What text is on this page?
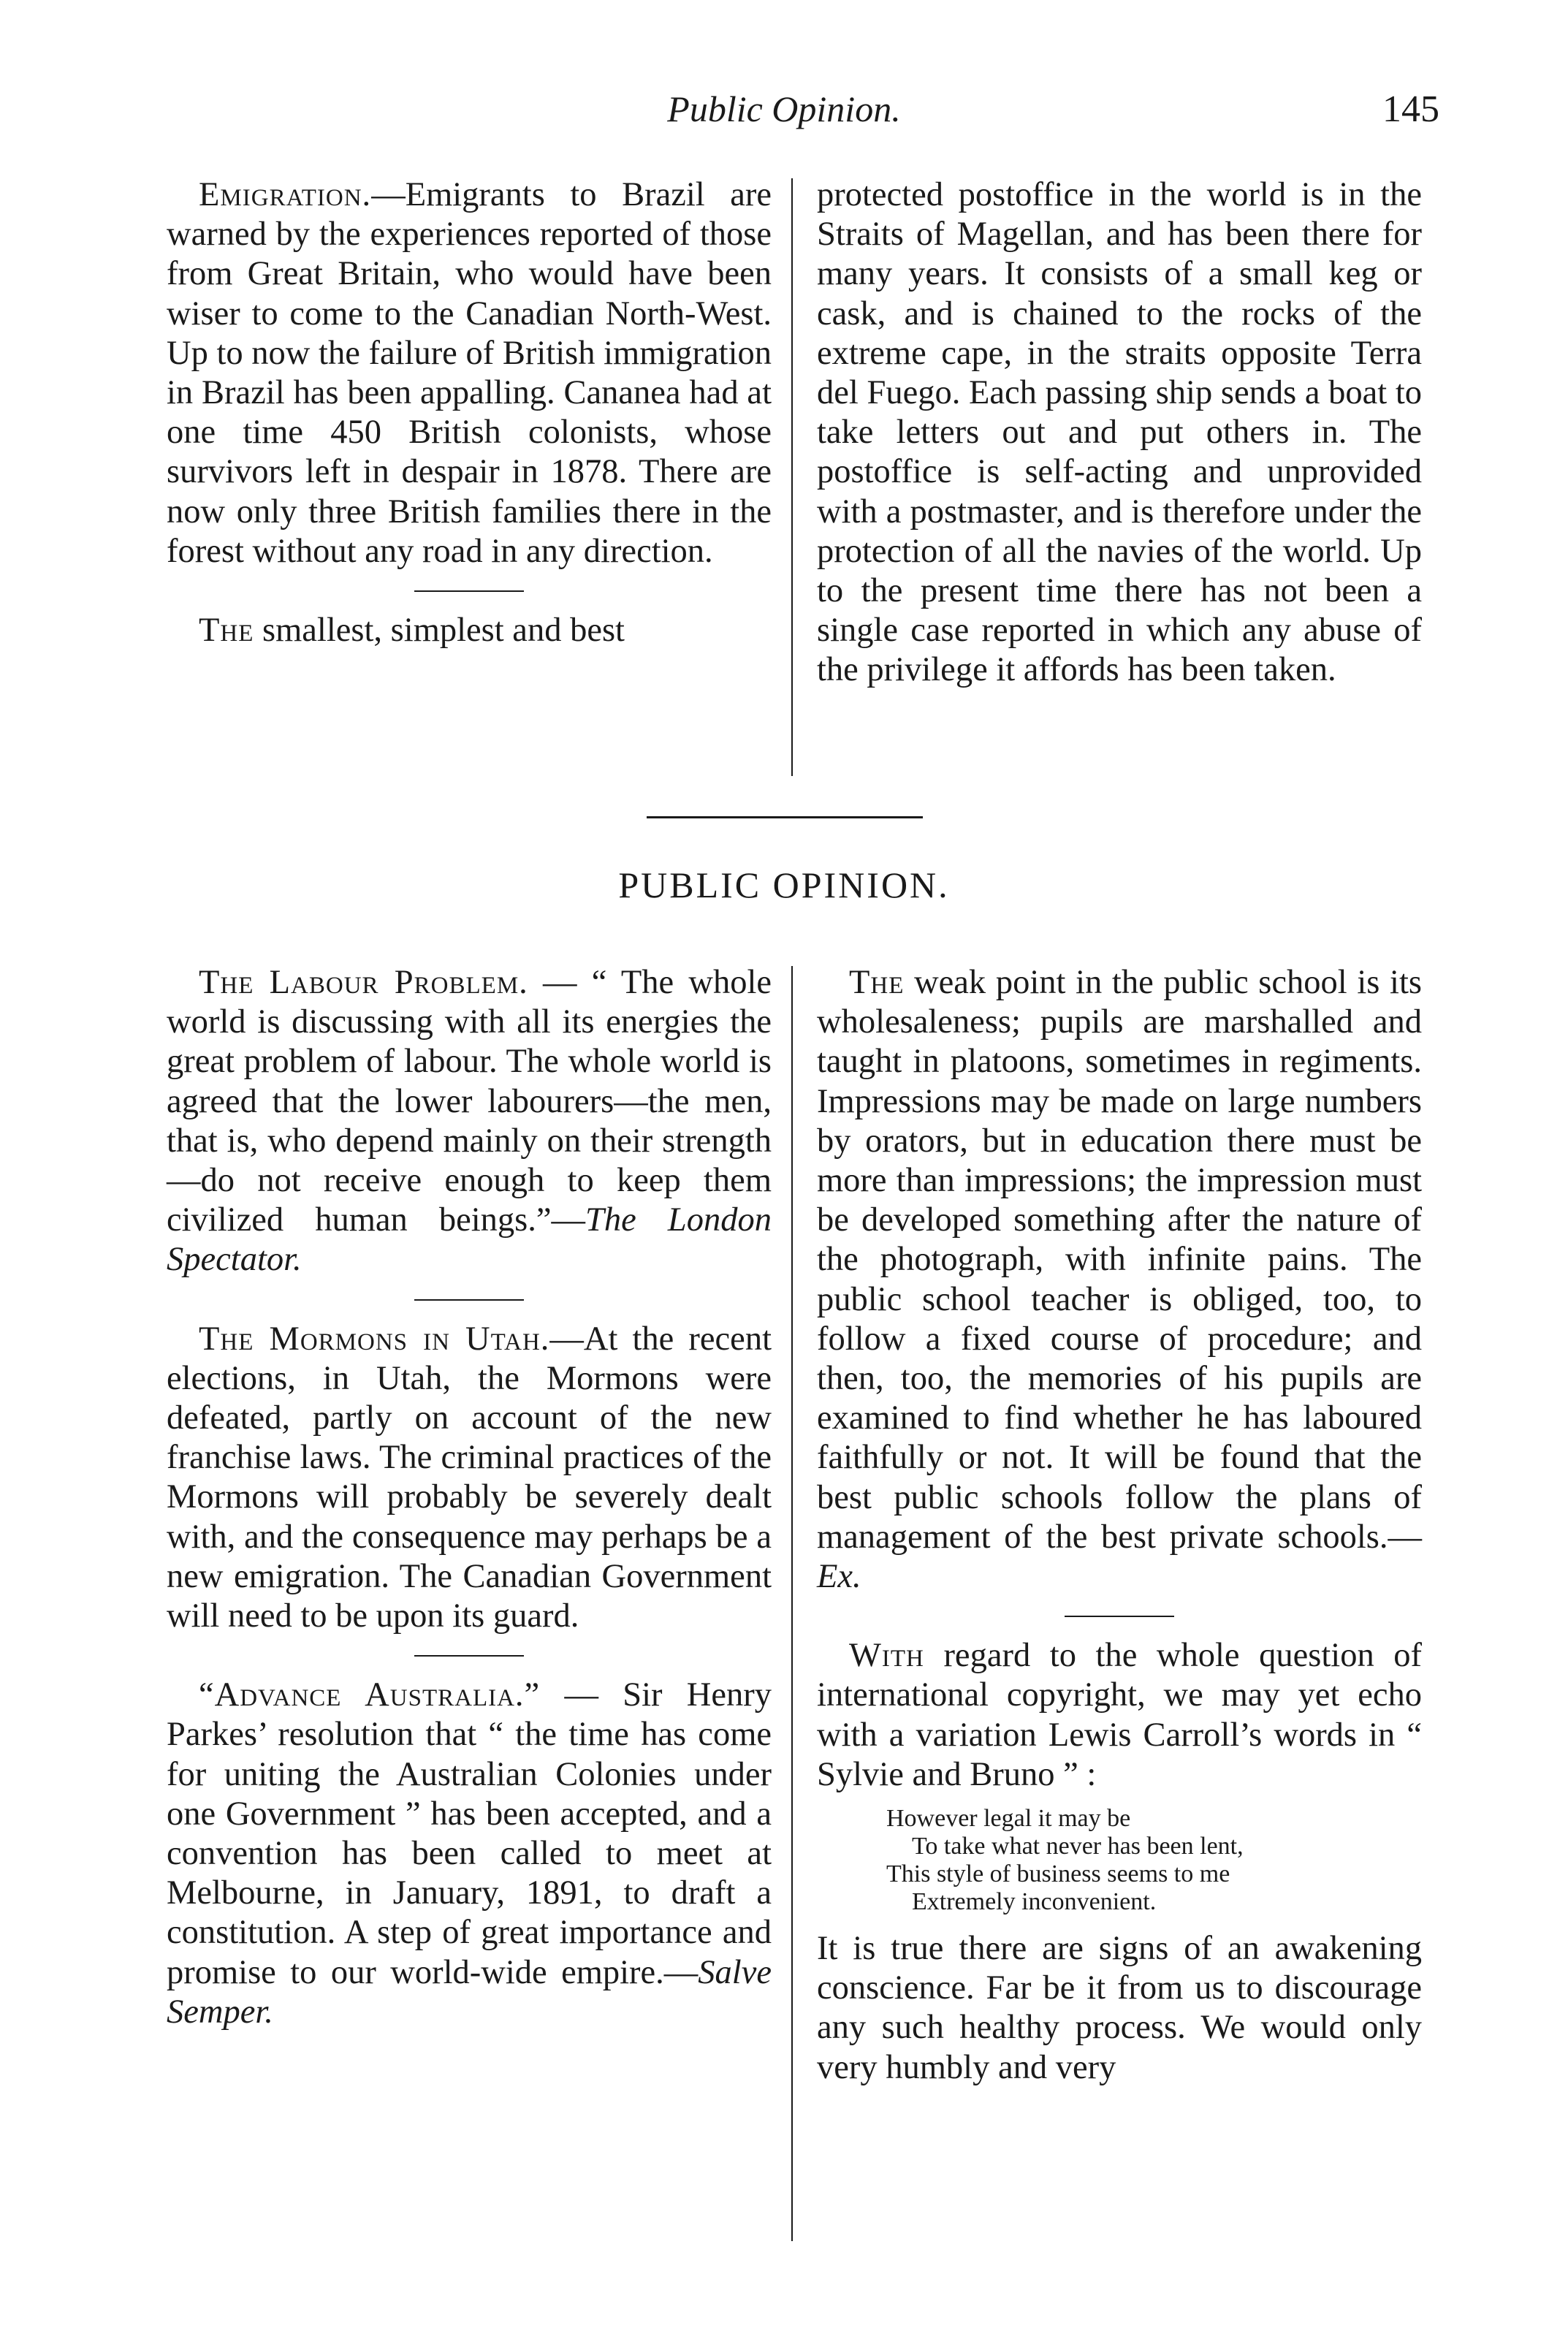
Public Opinion.	145

Emigration.—Emigrants to Brazil are warned by the experiences reported of those from Great Britain, who would have been wiser to come to the Canadian North-West. Up to now the failure of British immigration in Brazil has been appalling. Cananea had at one time 450 British colonists, whose survivors left in despair in 1878. There are now only three British families there in the forest without any road in any direction.

The smallest, simplest and best

protected postoffice in the world is in the Straits of Magellan, and has been there for many years. It consists of a small keg or cask, and is chained to the rocks of the extreme cape, in the straits opposite Terra del Fuego. Each passing ship sends a boat to take letters out and put others in. The postoffice is self-acting and unprovided with a postmaster, and is therefore under the protection of all the navies of the world. Up to the present time there has not been a single case reported in which any abuse of the privilege it affords has been taken.

PUBLIC OPINION.

The Labour Problem. — “ The whole world is discussing with all its energies the great problem of labour. The whole world is agreed that the lower labourers—the men, that is, who depend mainly on their strength —do not receive enough to keep them civilized human beings.”—The London Spectator.

The Mormons in Utah.—At the recent elections, in Utah, the Mormons were defeated, partly on account of the new franchise laws. The criminal practices of the Mormons will probably be severely dealt with, and the consequence may perhaps be a new emigration. The Canadian Government will need to be upon its guard.

“Advance Australia.” — Sir Henry Parkes’ resolution that “ the time has come for uniting the Australian Colonies under one Government ” has been accepted, and a convention has been called to meet at Melbourne, in January, 1891, to draft a constitution. A step of great importance and promise to our world-wide empire.—Salve Semper.

The weak point in the public school is its wholesaleness; pupils are marshalled and taught in platoons, sometimes in regiments. Impressions may be made on large numbers by orators, but in education there must be more than impressions; the impression must be developed something after the nature of the photograph, with infinite pains. The public school teacher is obliged, too, to follow a fixed course of procedure; and then, too, the memories of his pupils are examined to find whether he has laboured faithfully or not. It will be found that the best public schools follow the plans of management of the best private schools.—Ex.

With regard to the whole question of international copyright, we may yet echo with a variation Lewis Carroll’s words in “ Sylvie and Bruno ” :

However legal it may be
To take what never has been lent,
This style of business seems to me
Extremely inconvenient.

It is true there are signs of an awakening conscience. Far be it from us to discourage any such healthy process. We would only very humbly and very
